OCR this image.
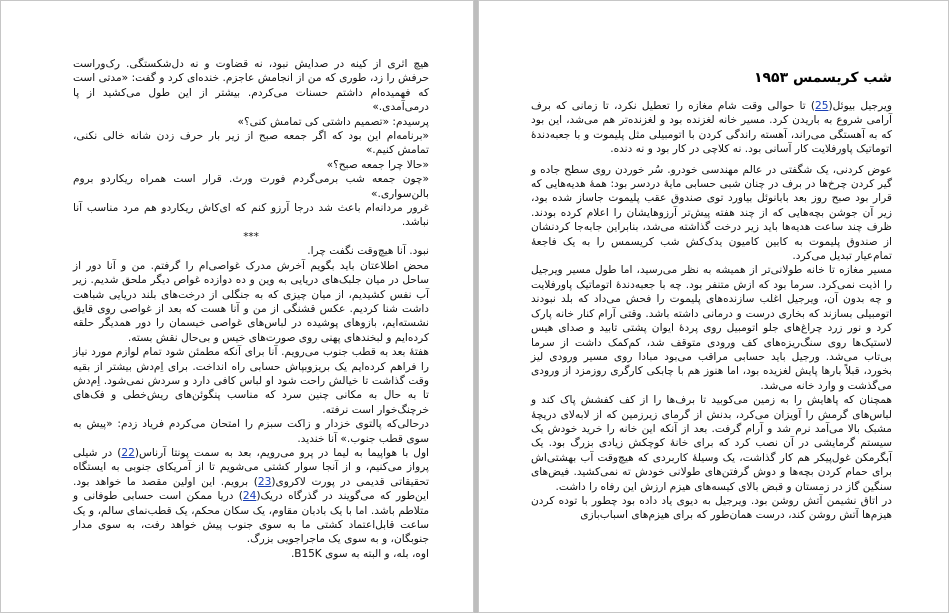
هیچ اثری از کینه در صدایش نبود، نه قضاوت و نه دل‌شکستگی. رک‌وراست حرفش را زد، طوری که من از انجامش عاجزم. خنده‌ای کرد و گفت: «مدتی است که فهمیده‌ام داشتم حسنات می‌کردم. بیشتر از این طول می‌کشید از پا درمی‌آمدی.»

پرسیدم: «تصمیم داشتی کی تمامش کنی؟»

«برنامه‌ام این بود که اگر جمعه صبح از زیر بار حرف زدن شانه خالی نکنی، تمامش کنیم.»

«حالا چرا جمعه صبح؟»

«چون جمعه شب برمی‌گردم فورت ورث. قرار است همراه ریکاردو بروم بالن‌سواری.»

غرور مردانه‌ام باعث شد درجا آرزو کنم که ای‌کاش ریکاردو هم مرد مناسب آنا نباشد.

***

نبود. آنا هیچ‌وقت نگفت چرا.

محض اطلاعتان باید بگویم آخرش مدرک غواصی‌ام را گرفتم. من و آنا دور از ساحل در میان جلبک‌های دریایی به وین و ده دوازده غواص دیگر ملحق شدیم. زیر آب نفس کشیدیم، از میان چیزی که به جنگلی از درخت‌های بلند دریایی شباهت داشت شنا کردیم. عکس قشنگی از من و آنا هست که بعد از غواصی روی قایق نشسته‌ایم، بازوهای پوشیده در لباس‌های غواصی خیسمان را دور همدیگر حلقه کرده‌ایم و لبخندهای پهنی روی صورت‌های خیس و بی‌حال نقش بسته.

هفتهٔ بعد به قطب جنوب می‌رویم. آنا برای آنکه مطمئن شود تمام لوازم مورد نیاز را فراهم کرده‌ایم یک بریزوبپاش حسابی راه انداخت. برای اِم‌دش بیشتر از بقیه وقت گذاشت تا خیالش راحت شود او لباس کافی دارد و سردش نمی‌شود. اِم‌دش تا به حال به مکانی چنین سرد که مناسب پنگوئن‌های ریش‌خطی و فک‌های خرچنگ‌خوار است نرفته.

درحالی‌که پالتوی خزدار و زاکت سبزم را امتحان می‌کردم فریاد زدم: «پیش به سوی قطب جنوب.» آنا خندید.

اول با هواپیما به لیما در پرو می‌رویم، بعد به سمت پونتا آرناس(22) در شیلی پرواز می‌کنیم، و از آنجا سوار کشتی می‌شویم تا از آمریکای جنوبی به ایستگاه تحقیقاتی قدیمی در پورت لاکروی(23) برویم. این اولین مقصد ما خواهد بود. این‌طور که می‌گویند در گذرگاه دریک(24) دریا ممکن است حسابی طوفانی و متلاطم باشد. اما با یک بادبان مقاوم، یک سکان محکم، یک قطب‌نمای سالم، و یک ساعت قابل‌اعتماد کشتی ما به سوی جنوب پیش خواهد رفت، به سوی مدار جنوبگان، و به سوی یک ماجراجویی بزرگ.

اوه، بله، و البته به سوی B15K.

شب کریسمس ۱۹۵۳

ویرجیل بیوئل(25) تا حوالی وقت شام مغازه را تعطیل نکرد، تا زمانی که برف آرامی شروع به باریدن کرد. مسیر خانه لغزنده بود و لغزنده‌تر هم می‌شد، این بود که به آهستگی می‌راند، آهسته راندگی کردن با اتومبیلی مثل پلیموت و با جعبه‌دندهٔ اتوماتیک پاورفلایت کار آسانی بود. نه کلاچی در کار بود و نه دنده.

عوض کردنی، یک شگفتی در عالم مهندسی خودرو. سُر خوردن روی سطح جاده و گیر کردن چرخ‌ها در برف در چنان شبی حسابی مایهٔ دردسر بود: همهٔ هدیه‌هایی که قرار بود صبح روز بعد بابانوئل بیاورد توی صندوق عقب پلیموت جاساز شده بود، زیر آن جوشن بچه‌هایی که از چند هفته پیش‌تر آرزوهایشان را اعلام کرده بودند. ظرف چند ساعت هدیه‌ها باید زیر درخت گذاشته می‌شد، بنابراین جابه‌جا کردنشان از صندوق پلیموت به کابین کامیون یدک‌کش شب کریسمس را به یک فاجعهٔ تمام‌عیار تبدیل می‌کرد.

مسیر مغازه تا خانه طولانی‌تر از همیشه به نظر می‌رسید، اما طول مسیر ویرجیل را اذیت نمی‌کرد. سرما بود که ازش متنفر بود. چه با جعبه‌دندهٔ اتوماتیک پاورفلایت و چه بدون آن، ویرجیل اغلب سازنده‌های پلیموت را فحش می‌داد که بلد نبودند اتومبیلی بسازند که بخاری درست و درمانی داشته باشد. وقتی آرام کنار خانه پارک کرد و نور زرد چراغ‌های جلو اتومبیل روی پردهٔ ایوان پشتی تابید و صدای هیس لاستیک‌ها روی سنگ‌ریزه‌های کف ورودی متوقف شد، کم‌کمک داشت از سرما بی‌تاب می‌شد. ورجیل باید حسابی مراقب می‌بود مبادا روی مسیر ورودی لیز بخورد، قبلاً بارها پایش لغزیده بود، اما هنوز هم با چابکی کارگری روزمزد از ورودی می‌گذشت و وارد خانه می‌شد.

همچنان که پاهایش را به زمین می‌کوبید تا برف‌ها را از کف کفشش پاک کند و لباس‌های گرمش را آویزان می‌کرد، بدنش از گرمای زیرزمین که از لابه‌لای دریچهٔ مشبک بالا می‌آمد نرم شد و آرام گرفت. بعد از آنکه این خانه را خرید خودش یک سیستم گرمایشی در آن نصب کرد که برای خانهٔ کوچکش زیادی بزرگ بود. یک آبگرمکن غول‌پیکر هم کار گذاشت، یک وسیلهٔ کاربردی که هیچ‌وقت آب بهشتی‌اش برای حمام کردن بچه‌ها و دوش گرفتن‌های طولانی خودش ته نمی‌کشید. فیض‌های سنگین گاز در زمستان و قبض بالای کیسه‌های هیزم ارزش این رفاه را داشت.

در اتاق نشیمن آتش روشن بود. ویرجیل به دیوی یاد داده بود چطور با توده کردن هیزم‌ها آتش روشن کند، درست همان‌طور که برای هیزم‌های اسباب‌بازی
